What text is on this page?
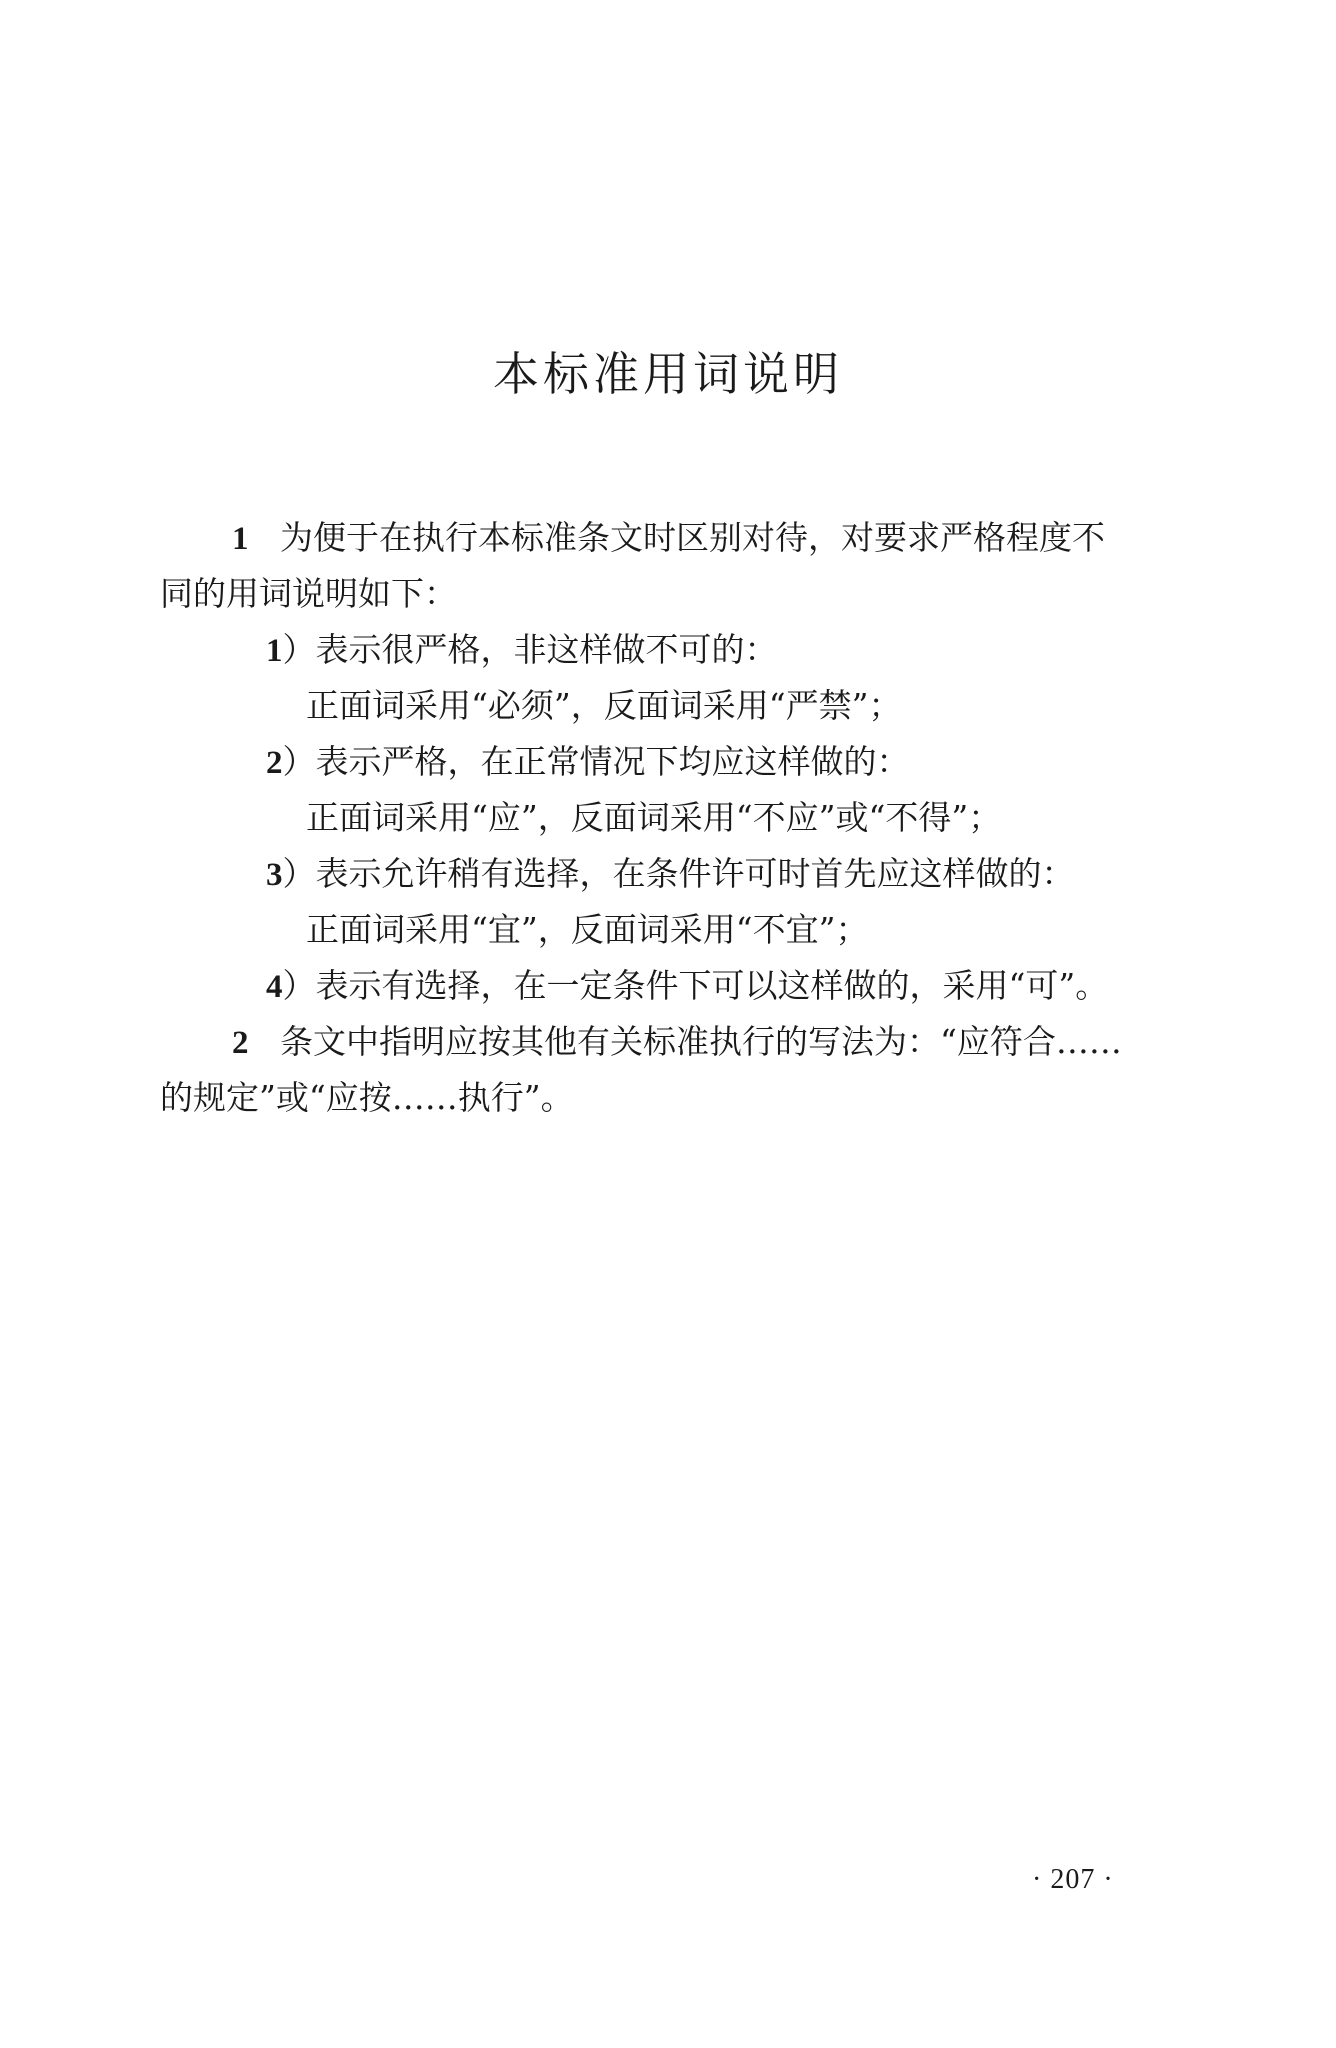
本标准用词说明
1 为便于在执行本标准条文时区别对待，对要求严格程度不
同的用词说明如下：
1）表示很严格，非这样做不可的：
正面词采用“必须”，反面词采用“严禁”；
2）表示严格，在正常情况下均应这样做的：
正面词采用“应”，反面词采用“不应”或“不得”；
3）表示允许稍有选择，在条件许可时首先应这样做的：
正面词采用“宜”，反面词采用“不宜”；
4）表示有选择，在一定条件下可以这样做的，采用“可”。
2 条文中指明应按其他有关标准执行的写法为：“应符合……
的规定”或“应按……执行”。
· 207 ·
